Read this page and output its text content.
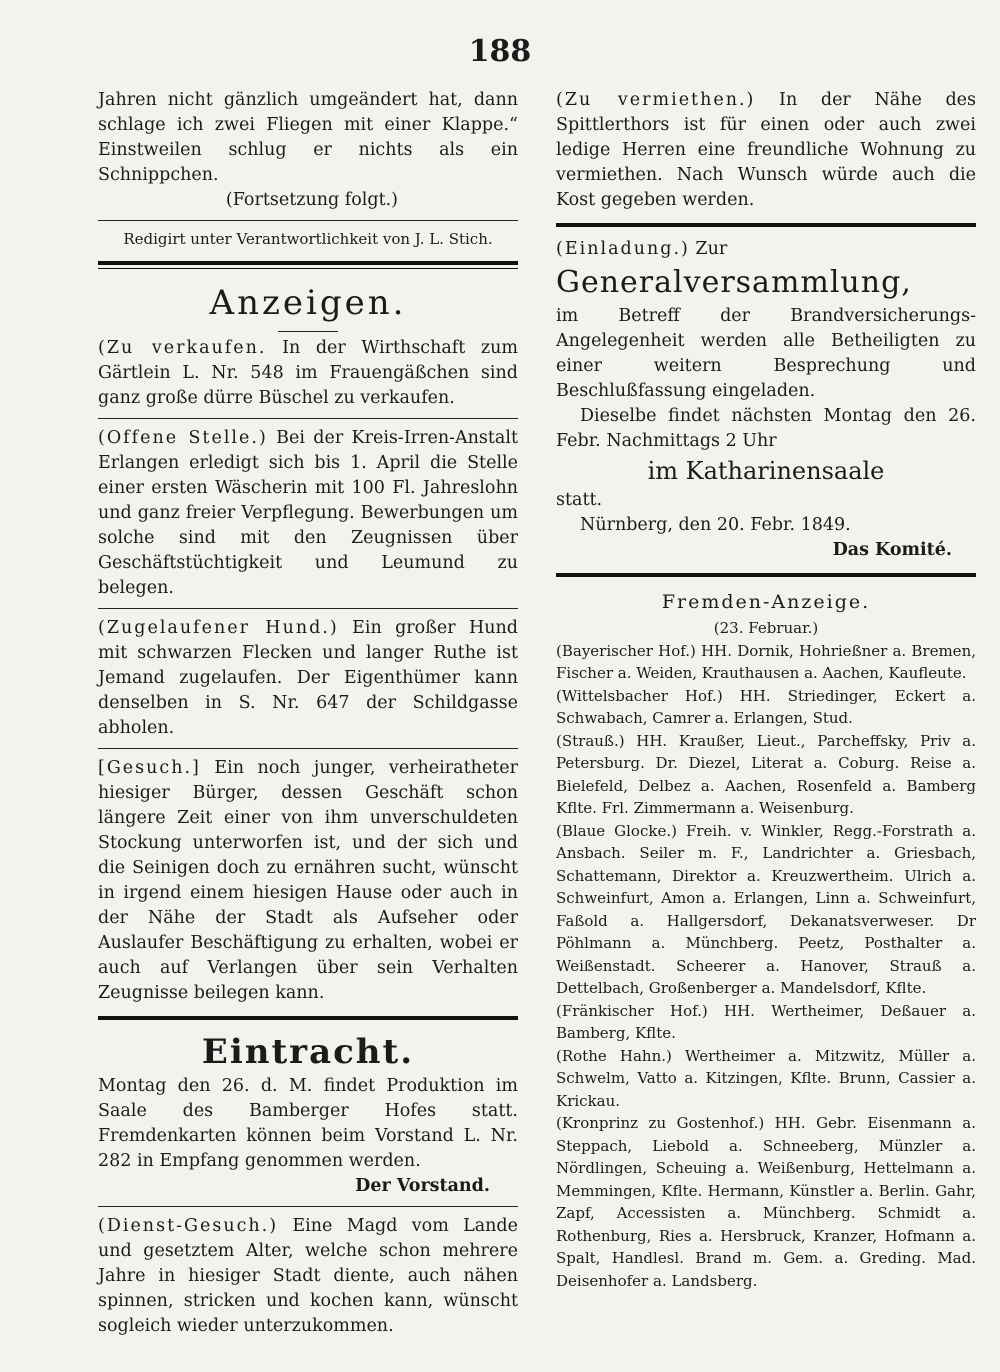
188

Jahren nicht gänzlich umgeändert hat, dann schlage ich zwei Fliegen mit einer Klappe.“ Einstweilen schlug er nichts als ein Schnippchen.

(Fortsetzung folgt.)

Redigirt unter Verantwortlichkeit von J. L. Stich.

Anzeigen.

(Zu verkaufen. In der Wirthschaft zum Gärtlein L. Nr. 548 im Frauengäßchen sind ganz große dürre Büschel zu verkaufen.

(Offene Stelle.) Bei der Kreis-Irren-Anstalt Erlangen erledigt sich bis 1. April die Stelle einer ersten Wäscherin mit 100 Fl. Jahreslohn und ganz freier Verpflegung. Bewerbungen um solche sind mit den Zeugnissen über Geschäftstüchtigkeit und Leumund zu belegen.

(Zugelaufener Hund.) Ein großer Hund mit schwarzen Flecken und langer Ruthe ist Jemand zugelaufen. Der Eigenthümer kann denselben in S. Nr. 647 der Schildgasse abholen.

[Gesuch.] Ein noch junger, verheiratheter hiesiger Bürger, dessen Geschäft schon längere Zeit einer von ihm unverschuldeten Stockung unterworfen ist, und der sich und die Seinigen doch zu ernähren sucht, wünscht in irgend einem hiesigen Hause oder auch in der Nähe der Stadt als Aufseher oder Auslaufer Beschäftigung zu erhalten, wobei er auch auf Verlangen über sein Verhalten Zeugnisse beilegen kann.

Eintracht.

Montag den 26. d. M. findet Produktion im Saale des Bamberger Hofes statt. Fremdenkarten können beim Vorstand L. Nr. 282 in Empfang genommen werden.

Der Vorstand.

(Dienst-Gesuch.) Eine Magd vom Lande und gesetztem Alter, welche schon mehrere Jahre in hiesiger Stadt diente, auch nähen spinnen, stricken und kochen kann, wünscht sogleich wieder unterzukommen.

(Zu vermiethen.) In der Nähe des Spittlerthors ist für einen oder auch zwei ledige Herren eine freundliche Wohnung zu vermiethen. Nach Wunsch würde auch die Kost gegeben werden.

(Einladung.) Zur

Generalversammlung,

im Betreff der Brandversicherungs-Angelegenheit werden alle Betheiligten zu einer weitern Besprechung und Beschlußfassung eingeladen.

Dieselbe findet nächsten Montag den 26. Febr. Nachmittags 2 Uhr

im Katharinensaale

statt.

Nürnberg, den 20. Febr. 1849.

Das Komité.

Fremden-Anzeige.

(23. Februar.)

(Bayerischer Hof.) HH. Dornik, Hohrießner a. Bremen, Fischer a. Weiden, Krauthausen a. Aachen, Kaufleute.

(Wittelsbacher Hof.) HH. Striedinger, Eckert a. Schwabach, Camrer a. Erlangen, Stud.

(Strauß.) HH. Kraußer, Lieut., Parcheffsky, Priv a. Petersburg. Dr. Diezel, Literat a. Coburg. Reise a. Bielefeld, Delbez a. Aachen, Rosenfeld a. Bamberg Kflte. Frl. Zimmermann a. Weisenburg.

(Blaue Glocke.) Freih. v. Winkler, Regg.-Forstrath a. Ansbach. Seiler m. F., Landrichter a. Griesbach, Schattemann, Direktor a. Kreuzwertheim. Ulrich a. Schweinfurt, Amon a. Erlangen, Linn a. Schweinfurt, Faßold a. Hallgersdorf, Dekanatsverweser. Dr Pöhlmann a. Münchberg. Peetz, Posthalter a. Weißenstadt. Scheerer a. Hanover, Strauß a. Dettelbach, Großenberger a. Mandelsdorf, Kflte.

(Fränkischer Hof.) HH. Wertheimer, Deßauer a. Bamberg, Kflte.

(Rothe Hahn.) Wertheimer a. Mitzwitz, Müller a. Schwelm, Vatto a. Kitzingen, Kflte. Brunn, Cassier a. Krickau.

(Kronprinz zu Gostenhof.) HH. Gebr. Eisenmann a. Steppach, Liebold a. Schneeberg, Münzler a. Nördlingen, Scheuing a. Weißenburg, Hettelmann a. Memmingen, Kflte. Hermann, Künstler a. Berlin. Gahr, Zapf, Accessisten a. Münchberg. Schmidt a. Rothenburg, Ries a. Hersbruck, Kranzer, Hofmann a. Spalt, Handlesl. Brand m. Gem. a. Greding. Mad. Deisenhofer a. Landsberg.
